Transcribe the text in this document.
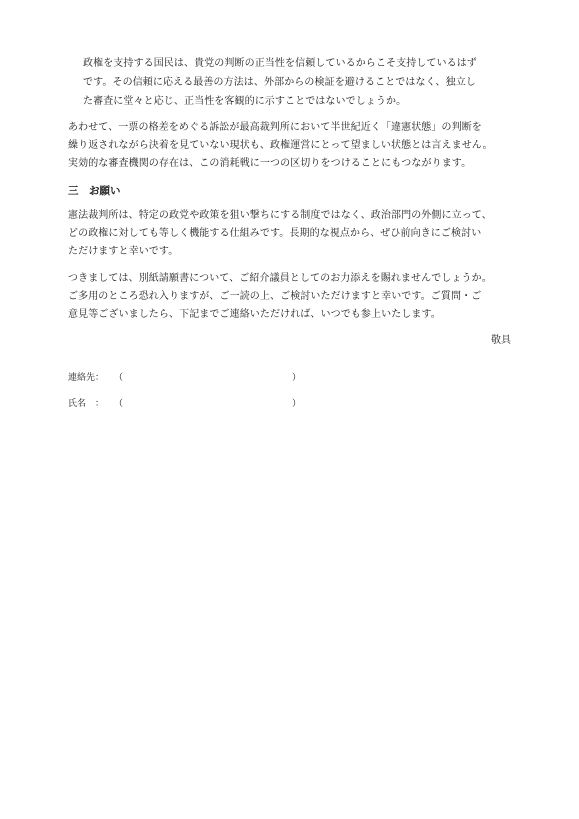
政権を支持する国民は、貴党の判断の正当性を信頼しているからこそ支持しているはず
です。その信頼に応える最善の方法は、外部からの検証を避けることではなく、独立し
た審査に堂々と応じ、正当性を客観的に示すことではないでしょうか。
あわせて、一票の格差をめぐる訴訟が最高裁判所において半世紀近く「違憲状態」の判断を
繰り返されながら決着を見ていない現状も、政権運営にとって望ましい状態とは言えません。
実効的な審査機関の存在は、この消耗戦に一つの区切りをつけることにもつながります。
三　お願い
憲法裁判所は、特定の政党や政策を狙い撃ちにする制度ではなく、政治部門の外側に立って、
どの政権に対しても等しく機能する仕組みです。長期的な視点から、ぜひ前向きにご検討い
ただけますと幸いです。
つきましては、別紙請願書について、ご紹介議員としてのお力添えを賜れませんでしょうか。
ご多用のところ恐れ入りますが、ご一読の上、ご検討いただけますと幸いです。ご質問・ご
意見等ございましたら、下記までご連絡いただければ、いつでも参上いたします。
敬具
連絡先： （	）
氏名　： （	）
